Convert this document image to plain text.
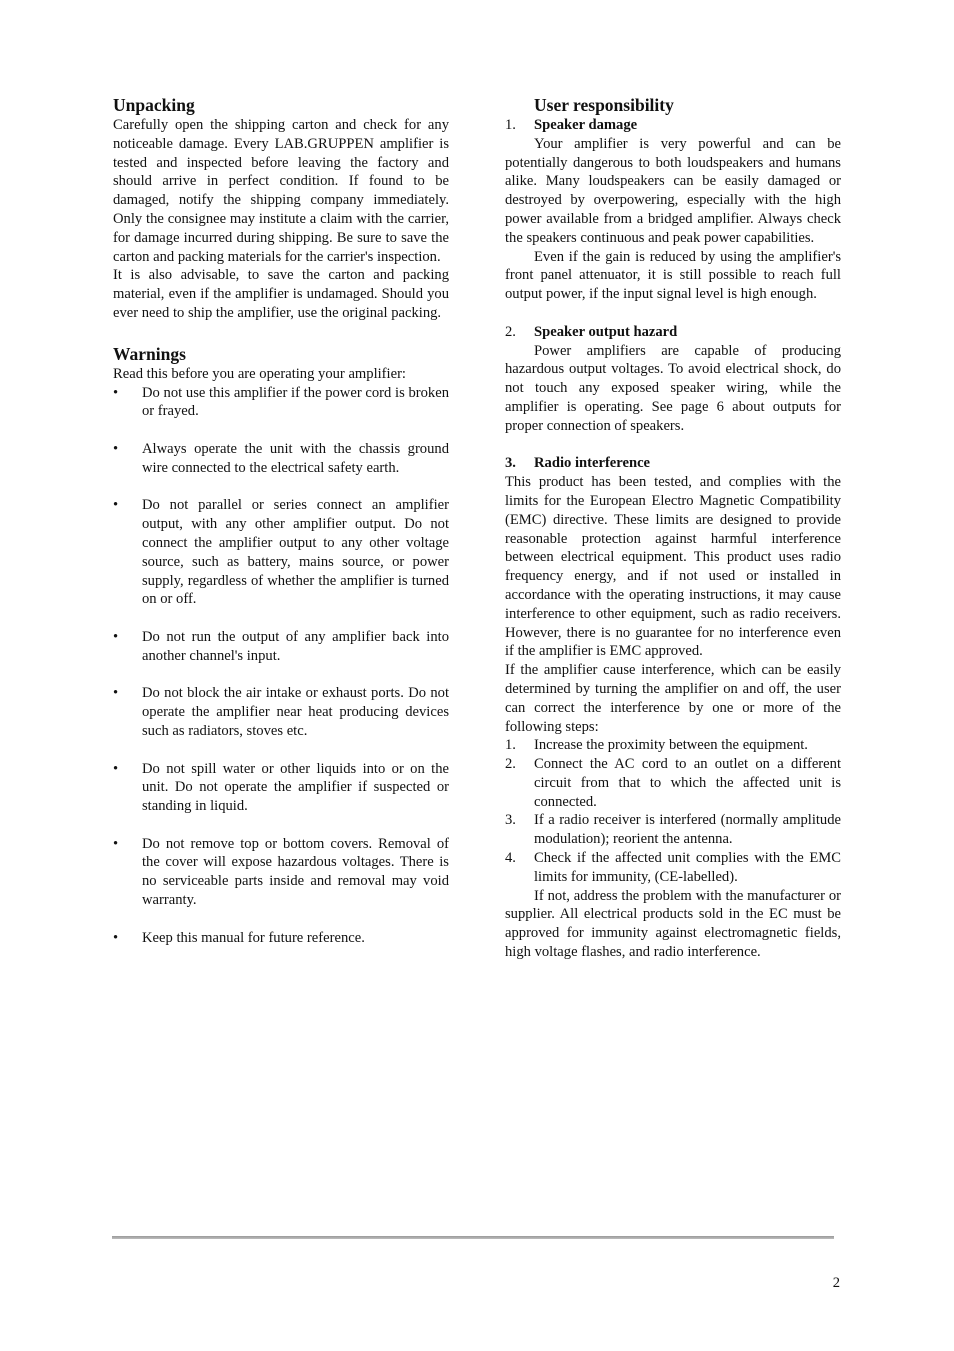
Unpacking

Carefully open the shipping carton and check for any noticeable damage. Every LAB.GRUPPEN amplifier is tested and inspected before leaving the factory and should arrive in perfect condition. If found to be damaged, notify the shipping company immediately. Only the consignee may institute a claim with the carrier, for damage incurred during shipping. Be sure to save the carton and packing materials for the carrier's inspection.

It is also advisable, to save the carton and packing material, even if the amplifier is undamaged. Should you ever need to ship the amplifier, use the original packing.

Warnings

Read this before you are operating your amplifier:

•	Do not use this amplifier if the power cord is broken or frayed.
•	Always operate the unit with the chassis ground wire connected to the electrical safety earth.
•	Do not parallel or series connect an amplifier output, with any other amplifier output. Do not connect the amplifier output to any other voltage source, such as battery, mains source, or power supply, regardless of whether the amplifier is turned on or off.
•	Do not run the output of any amplifier back into another channel's input.
•	Do not block the air intake or exhaust ports. Do not operate the amplifier near heat producing devices such as radiators, stoves etc.
•	Do not spill water or other liquids into or on the unit. Do not operate the amplifier if suspected or standing in liquid.
•	Do not remove top or bottom covers. Removal of the cover will expose hazardous voltages. There is no serviceable parts inside and removal may void warranty.
•	Keep this manual for future reference.
User responsibility
1. Speaker damage

Your amplifier is very powerful and can be potentially dangerous to both loudspeakers and humans alike. Many loudspeakers can be easily damaged or destroyed by overpowering, especially with the high power available from a bridged amplifier. Always check the speakers continuous and peak power capabilities.

Even if the gain is reduced by using the amplifier's front panel attenuator, it is still possible to reach full output power, if the input signal level is high enough.

2. Speaker output hazard

Power amplifiers are capable of producing hazardous output voltages. To avoid electrical shock, do not touch any exposed speaker wiring, while the amplifier is operating. See page 6 about outputs for proper connection of speakers.

3. Radio interference

This product has been tested, and complies with the limits for the European Electro Magnetic Compatibility (EMC) directive. These limits are designed to provide reasonable protection against harmful interference between electrical equipment. This product uses radio frequency energy, and if not used or installed in accordance with the operating instructions, it may cause interference to other equipment, such as radio receivers. However, there is no guarantee for no interference even if the amplifier is EMC approved.

If the amplifier cause interference, which can be easily determined by turning the amplifier on and off, the user can correct the interference by one or more of the following steps:

1. Increase the proximity between the equipment.
2. Connect the AC cord to an outlet on a different circuit from that to which the affected unit is connected.
3. If a radio receiver is interfered (normally amplitude modulation); reorient the antenna.
4. Check if the affected unit complies with the EMC limits for immunity, (CE-labelled).

If not, address the problem with the manufacturer or supplier. All electrical products sold in the EC must be approved for immunity against electromagnetic fields, high voltage flashes, and radio interference.

2
